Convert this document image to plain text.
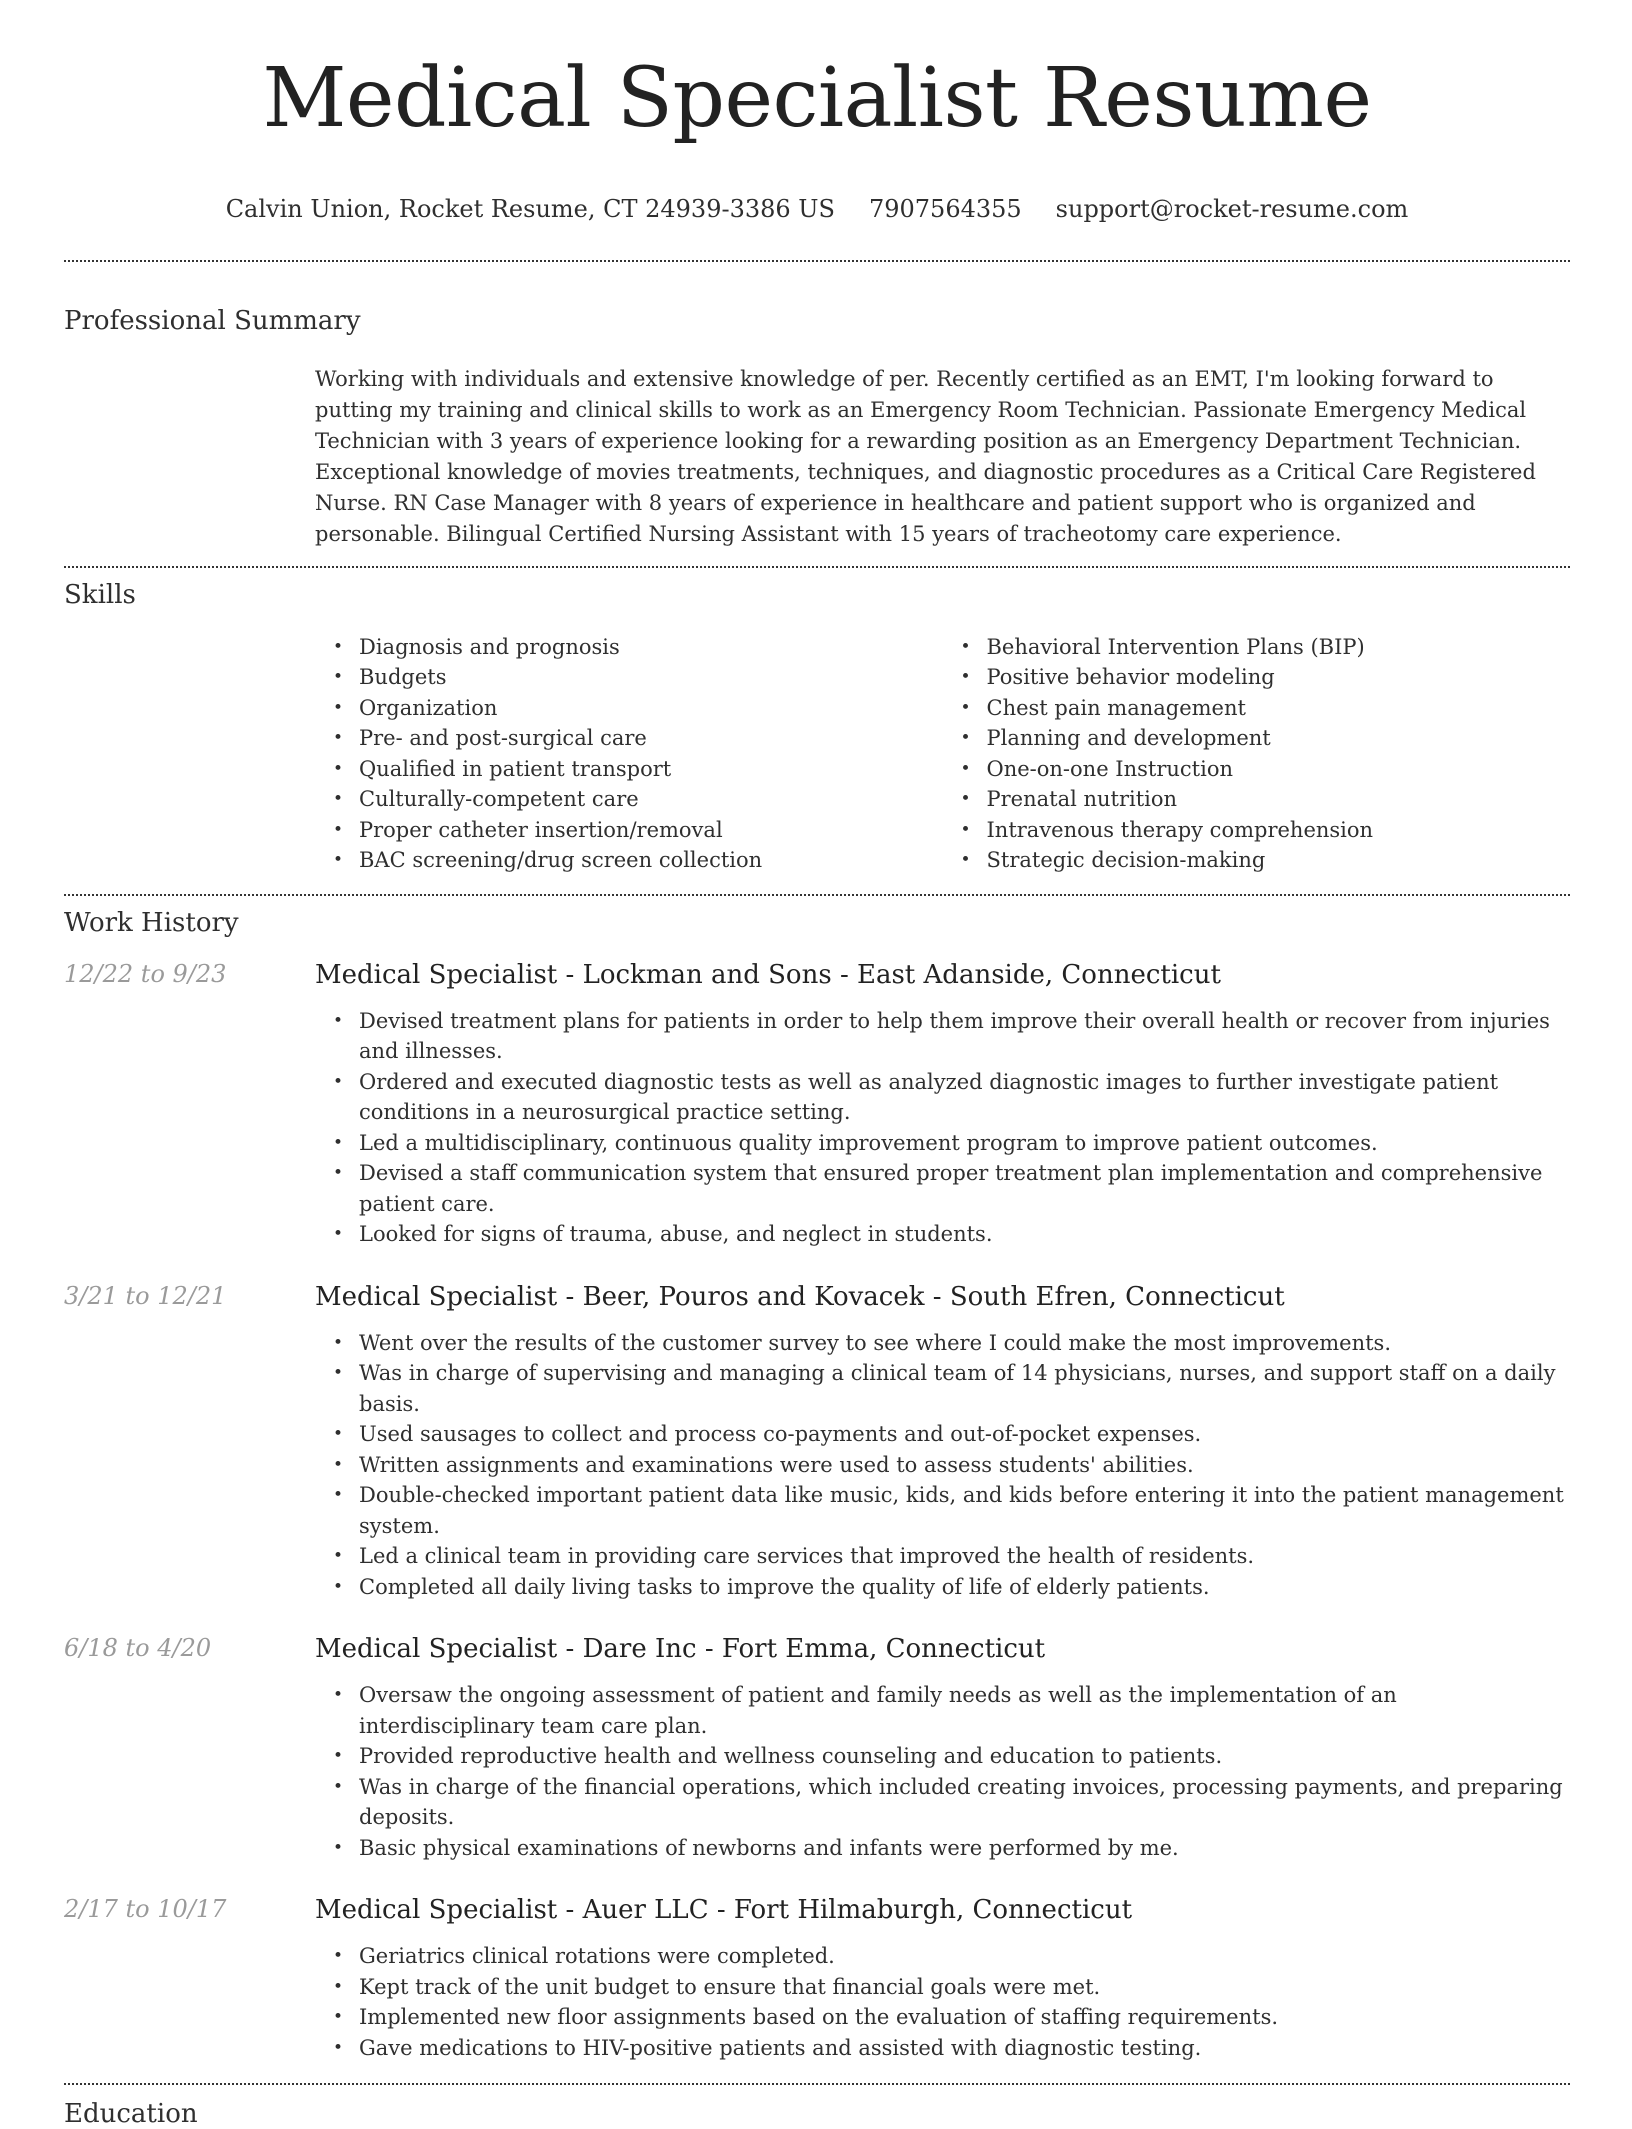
Medical Specialist Resume
Calvin Union, Rocket Resume, CT 24939-3386 US 7907564355 support@rocket-resume.com
Professional Summary

Working with individuals and extensive knowledge of per. Recently certified as an EMT, I'm looking forward to putting my training and clinical skills to work as an Emergency Room Technician. Passionate Emergency Medical Technician with 3 years of experience looking for a rewarding position as an Emergency Department Technician. Exceptional knowledge of movies treatments, techniques, and diagnostic procedures as a Critical Care Registered Nurse. RN Case Manager with 8 years of experience in healthcare and patient support who is organized and personable. Bilingual Certified Nursing Assistant with 15 years of tracheotomy care experience.

Skills
• Diagnosis and prognosis
• Budgets
• Organization
• Pre- and post-surgical care
• Qualified in patient transport
• Culturally-competent care
• Proper catheter insertion/removal
• BAC screening/drug screen collection
• Behavioral Intervention Plans (BIP)
• Positive behavior modeling
• Chest pain management
• Planning and development
• One-on-one Instruction
• Prenatal nutrition
• Intravenous therapy comprehension
• Strategic decision-making
Work History
12/22 to 9/23	Medical Specialist - Lockman and Sons - East Adanside, Connecticut
• Devised treatment plans for patients in order to help them improve their overall health or recover from injuries and illnesses.
• Ordered and executed diagnostic tests as well as analyzed diagnostic images to further investigate patient conditions in a neurosurgical practice setting.
• Led a multidisciplinary, continuous quality improvement program to improve patient outcomes.
• Devised a staff communication system that ensured proper treatment plan implementation and comprehensive patient care.
• Looked for signs of trauma, abuse, and neglect in students.
3/21 to 12/21	Medical Specialist - Beer, Pouros and Kovacek - South Efren, Connecticut
• Went over the results of the customer survey to see where I could make the most improvements.
• Was in charge of supervising and managing a clinical team of 14 physicians, nurses, and support staff on a daily basis.
• Used sausages to collect and process co-payments and out-of-pocket expenses.
• Written assignments and examinations were used to assess students' abilities.
• Double-checked important patient data like music, kids, and kids before entering it into the patient management system.
• Led a clinical team in providing care services that improved the health of residents.
• Completed all daily living tasks to improve the quality of life of elderly patients.
6/18 to 4/20	Medical Specialist - Dare Inc - Fort Emma, Connecticut
• Oversaw the ongoing assessment of patient and family needs as well as the implementation of an interdisciplinary team care plan.
• Provided reproductive health and wellness counseling and education to patients.
• Was in charge of the financial operations, which included creating invoices, processing payments, and preparing deposits.
• Basic physical examinations of newborns and infants were performed by me.
2/17 to 10/17	Medical Specialist - Auer LLC - Fort Hilmaburgh, Connecticut
• Geriatrics clinical rotations were completed.
• Kept track of the unit budget to ensure that financial goals were met.
• Implemented new floor assignments based on the evaluation of staffing requirements.
• Gave medications to HIV-positive patients and assisted with diagnostic testing.
Education
